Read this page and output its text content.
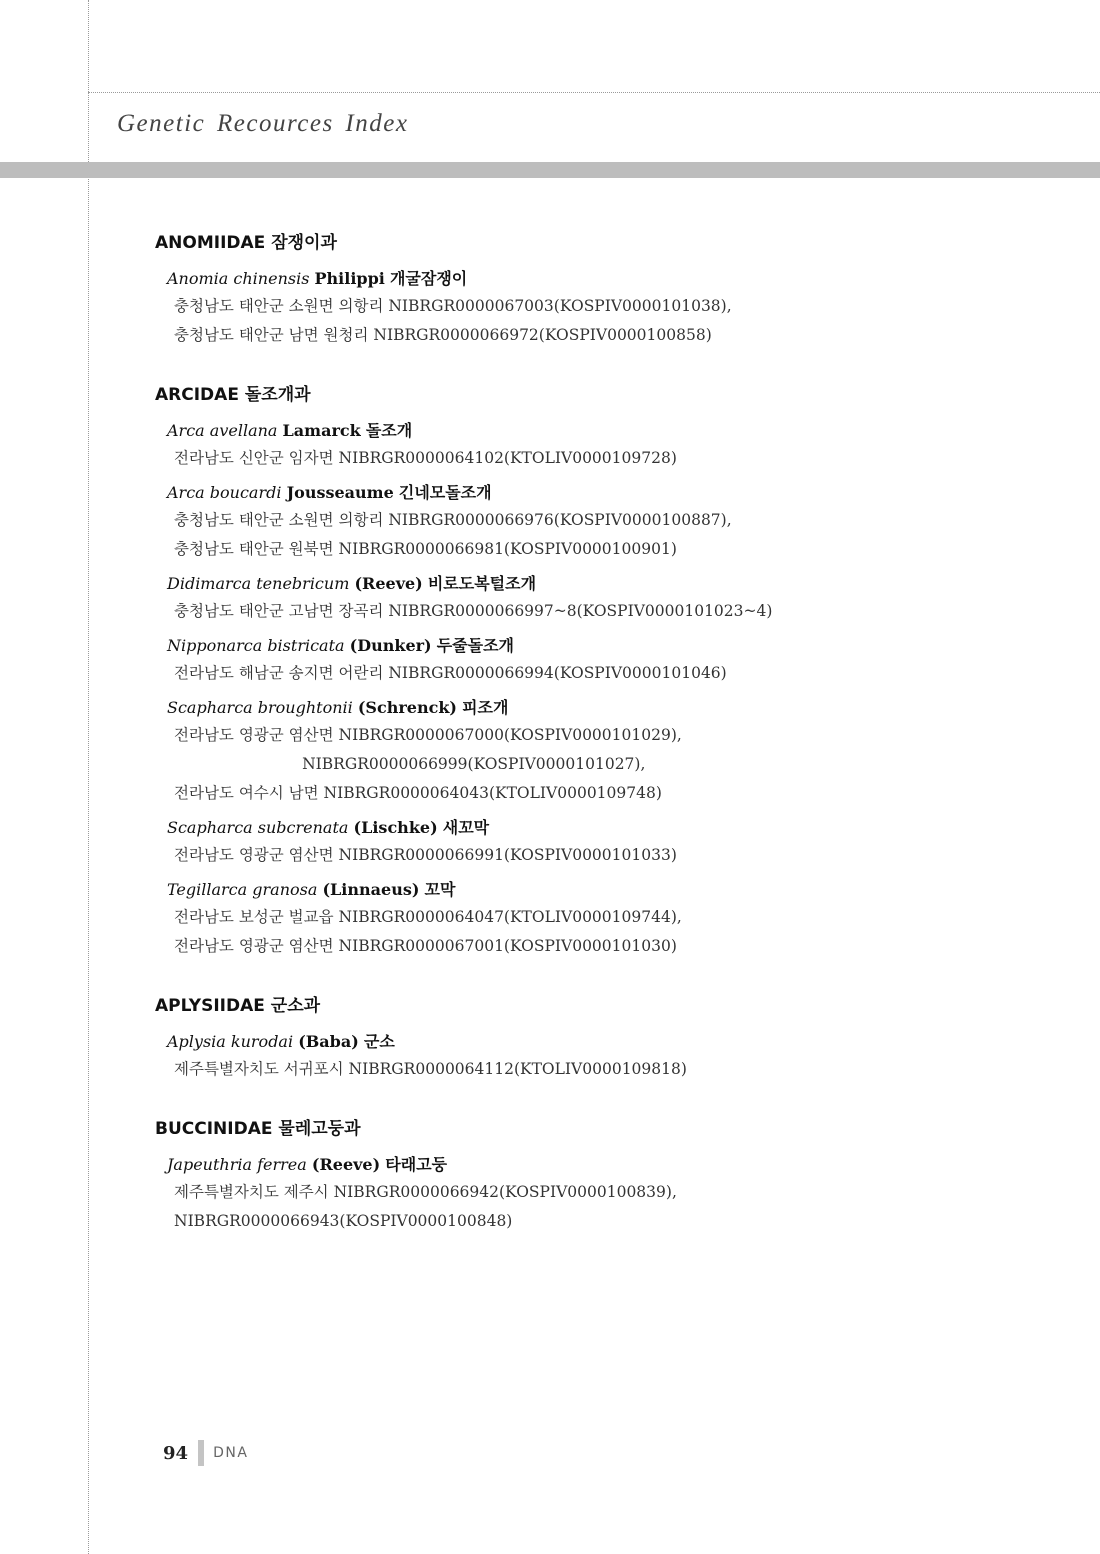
Genetic Recources Index
ANOMIIDAE 잠쟁이과
Anomia chinensis Philippi 개굴잠쟁이
충청남도 태안군 소원면 의항리 NIBRGR0000067003(KOSPIV0000101038),
충청남도 태안군 남면 원청리 NIBRGR0000066972(KOSPIV0000100858)
ARCIDAE 돌조개과
Arca avellana Lamarck 돌조개
전라남도 신안군 임자면 NIBRGR0000064102(KTOLIV0000109728)
Arca boucardi Jousseaume 긴네모돌조개
충청남도 태안군 소원면 의항리 NIBRGR0000066976(KOSPIV0000100887),
충청남도 태안군 원북면 NIBRGR0000066981(KOSPIV0000100901)
Didimarca tenebricum (Reeve) 비로도복털조개
충청남도 태안군 고남면 장곡리 NIBRGR0000066997~8(KOSPIV0000101023~4)
Nipponarca bistricata (Dunker) 두줄돌조개
전라남도 해남군 송지면 어란리 NIBRGR0000066994(KOSPIV0000101046)
Scapharca broughtonii (Schrenck) 피조개
전라남도 영광군 염산면 NIBRGR0000067000(KOSPIV0000101029),
NIBRGR0000066999(KOSPIV0000101027),
전라남도 여수시 남면 NIBRGR0000064043(KTOLIV0000109748)
Scapharca subcrenata (Lischke) 새꼬막
전라남도 영광군 염산면 NIBRGR0000066991(KOSPIV0000101033)
Tegillarca granosa (Linnaeus) 꼬막
전라남도 보성군 벌교읍 NIBRGR0000064047(KTOLIV0000109744),
전라남도 영광군 염산면 NIBRGR0000067001(KOSPIV0000101030)
APLYSIIDAE 군소과
Aplysia kurodai (Baba) 군소
제주특별자치도 서귀포시 NIBRGR0000064112(KTOLIV0000109818)
BUCCINIDAE 물레고둥과
Japeuthria ferrea (Reeve) 타래고둥
제주특별자치도 제주시 NIBRGR0000066942(KOSPIV0000100839),
NIBRGR0000066943(KOSPIV0000100848)
94 DNA
